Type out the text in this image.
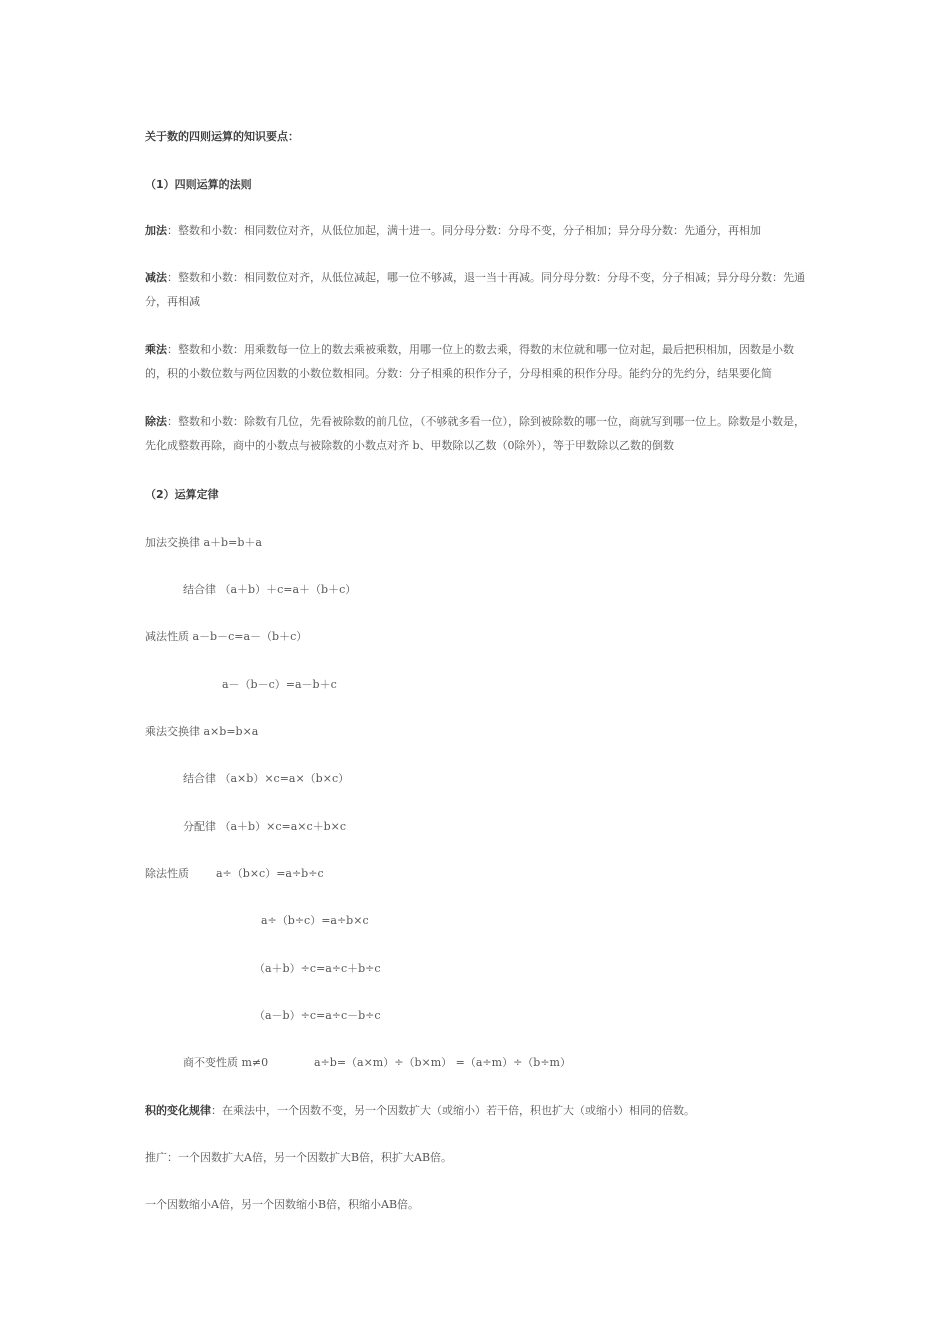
关于数的四则运算的知识要点：
（1）四则运算的法则
加法：整数和小数：相同数位对齐，从低位加起，满十进一。同分母分数：分母不变，分子相加；异分母分数：先通分，再相加
减法：整数和小数：相同数位对齐，从低位减起，哪一位不够减，退一当十再减。同分母分数：分母不变，分子相减；异分母分数：先通分，再相减
乘法：整数和小数：用乘数每一位上的数去乘被乘数，用哪一位上的数去乘，得数的末位就和哪一位对起，最后把积相加，因数是小数的，积的小数位数与两位因数的小数位数相同。分数：分子相乘的积作分子，分母相乘的积作分母。能约分的先约分，结果要化简
除法：整数和小数：除数有几位，先看被除数的前几位，（不够就多看一位），除到被除数的哪一位，商就写到哪一位上。除数是小数是，先化成整数再除，商中的小数点与被除数的小数点对齐 b、甲数除以乙数（0除外），等于甲数除以乙数的倒数
（2）运算定律
加法交换律 a＋b=b＋a
结合律 （a＋b）＋c=a＋（b＋c）
减法性质 a－b－c=a－（b＋c）
a－（b－c）=a－b＋c
乘法交换律 a×b=b×a
结合律 （a×b）×c=a×（b×c）
分配律 （a＋b）×c=a×c＋b×c
除法性质 a÷（b×c）=a÷b÷c
a÷（b÷c）=a÷b×c
（a＋b）÷c=a÷c＋b÷c
（a－b）÷c=a÷c－b÷c
商不变性质 m≠0	a÷b=（a×m）÷（b×m） =（a÷m）÷（b÷m）
积的变化规律：在乘法中，一个因数不变，另一个因数扩大（或缩小）若干倍，积也扩大（或缩小）相同的倍数。
推广：一个因数扩大A倍，另一个因数扩大B倍，积扩大AB倍。
一个因数缩小A倍，另一个因数缩小B倍，积缩小AB倍。
